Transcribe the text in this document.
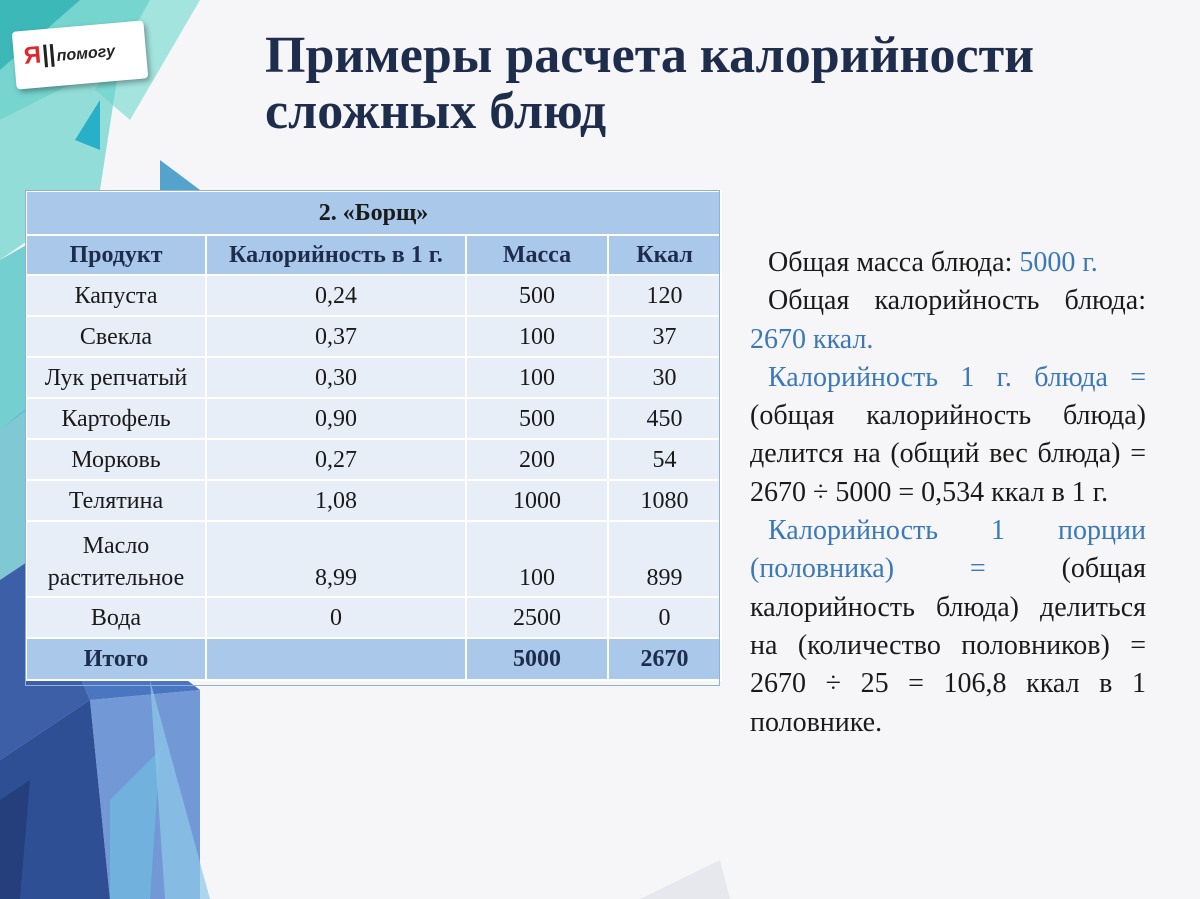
Я||помогу	Примеры расчета калорийности
сложных блюд
2. «Борщ»			
Продукт	Калорийность в 1 г.	Масса	Ккал
Капуста	0,24	500	120
Свекла	0,37	100	37
Лук репчатый	0,30	100	30
Картофель	0,90	500	450
Морковь	0,27	200	54
Телятина	1,08	1000	1080
Масло растительное	8,99	100	899
Вода	0	2500	0
Итого		5000	2670

Общая масса блюда: 5000 г.

Общая калорийность блюда: 2670 ккал.

Калорийность 1 г. блюда = (общая калорийность блюда) делится на (общий вес блюда) = 2670 ÷ 5000 = 0,534 ккал в 1 г.

Калорийность 1 порции (половника) = (общая калорийность блюда) делиться на (количество половников) = 2670 ÷ 25 = 106,8 ккал в 1 половнике.
